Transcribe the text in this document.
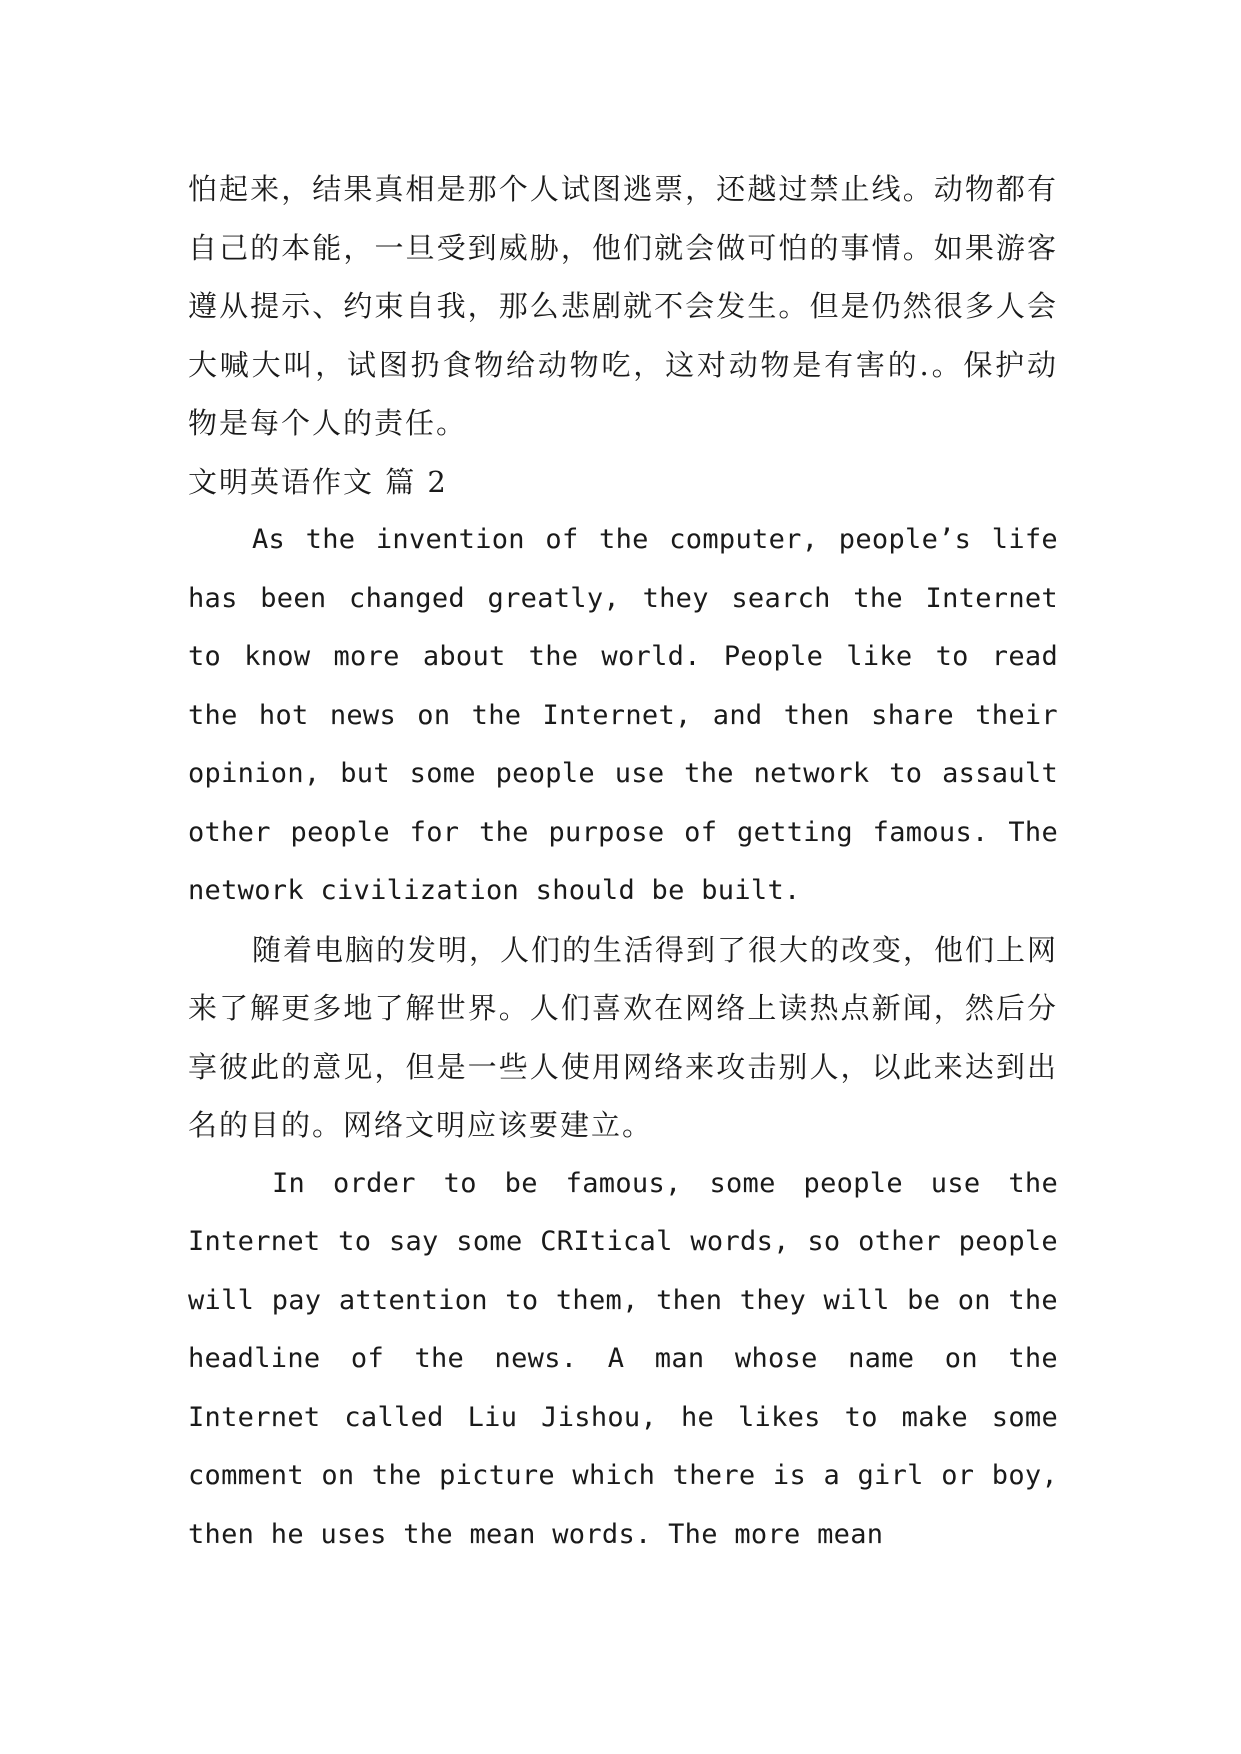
怕起来，结果真相是那个人试图逃票，还越过禁止线。动物都有自己的本能，一旦受到威胁，他们就会做可怕的事情。如果游客遵从提示、约束自我，那么悲剧就不会发生。但是仍然很多人会大喊大叫，试图扔食物给动物吃，这对动物是有害的.。保护动物是每个人的责任。

文明英语作文 篇 2

As the invention of the computer, people’s life has been changed greatly, they search the Internet to know more about the world. People like to read the hot news on the Internet, and then share their opinion, but some people use the network to assault other people for the purpose of getting famous. The network civilization should be built.

随着电脑的发明，人们的生活得到了很大的改变，他们上网来了解更多地了解世界。人们喜欢在网络上读热点新闻，然后分享彼此的意见，但是一些人使用网络来攻击别人，以此来达到出名的目的。网络文明应该要建立。

In order to be famous, some people use the Internet to say some CRItical words, so other people will pay attention to them, then they will be on the headline of the news. A man whose name on the Internet called Liu Jishou, he likes to make some comment on the picture which there is a girl or boy, then he uses the mean words. The more mean
